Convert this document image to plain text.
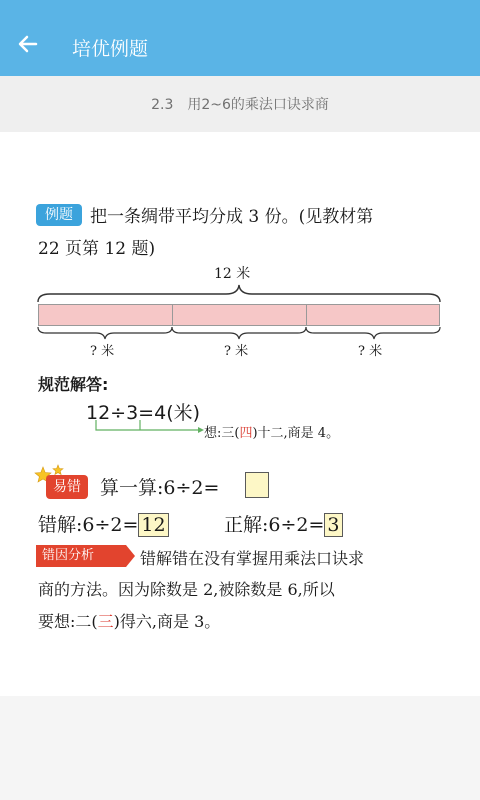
培优例题
2.3　用2~6的乘法口诀求商
例题	把一条绸带平均分成 3 份。(见教材第
22 页第 12 题)
12 米
? 米	? 米	? 米
规范解答:
12÷3=4(米)
想:三(四)十二,商是 4。
易错	算一算:6÷2=
错解:6÷2= 12	正解:6÷2= 3
错因分析	错解错在没有掌握用乘法口诀求
商的方法。因为除数是 2,被除数是 6,所以
要想:二(三)得六,商是 3。
